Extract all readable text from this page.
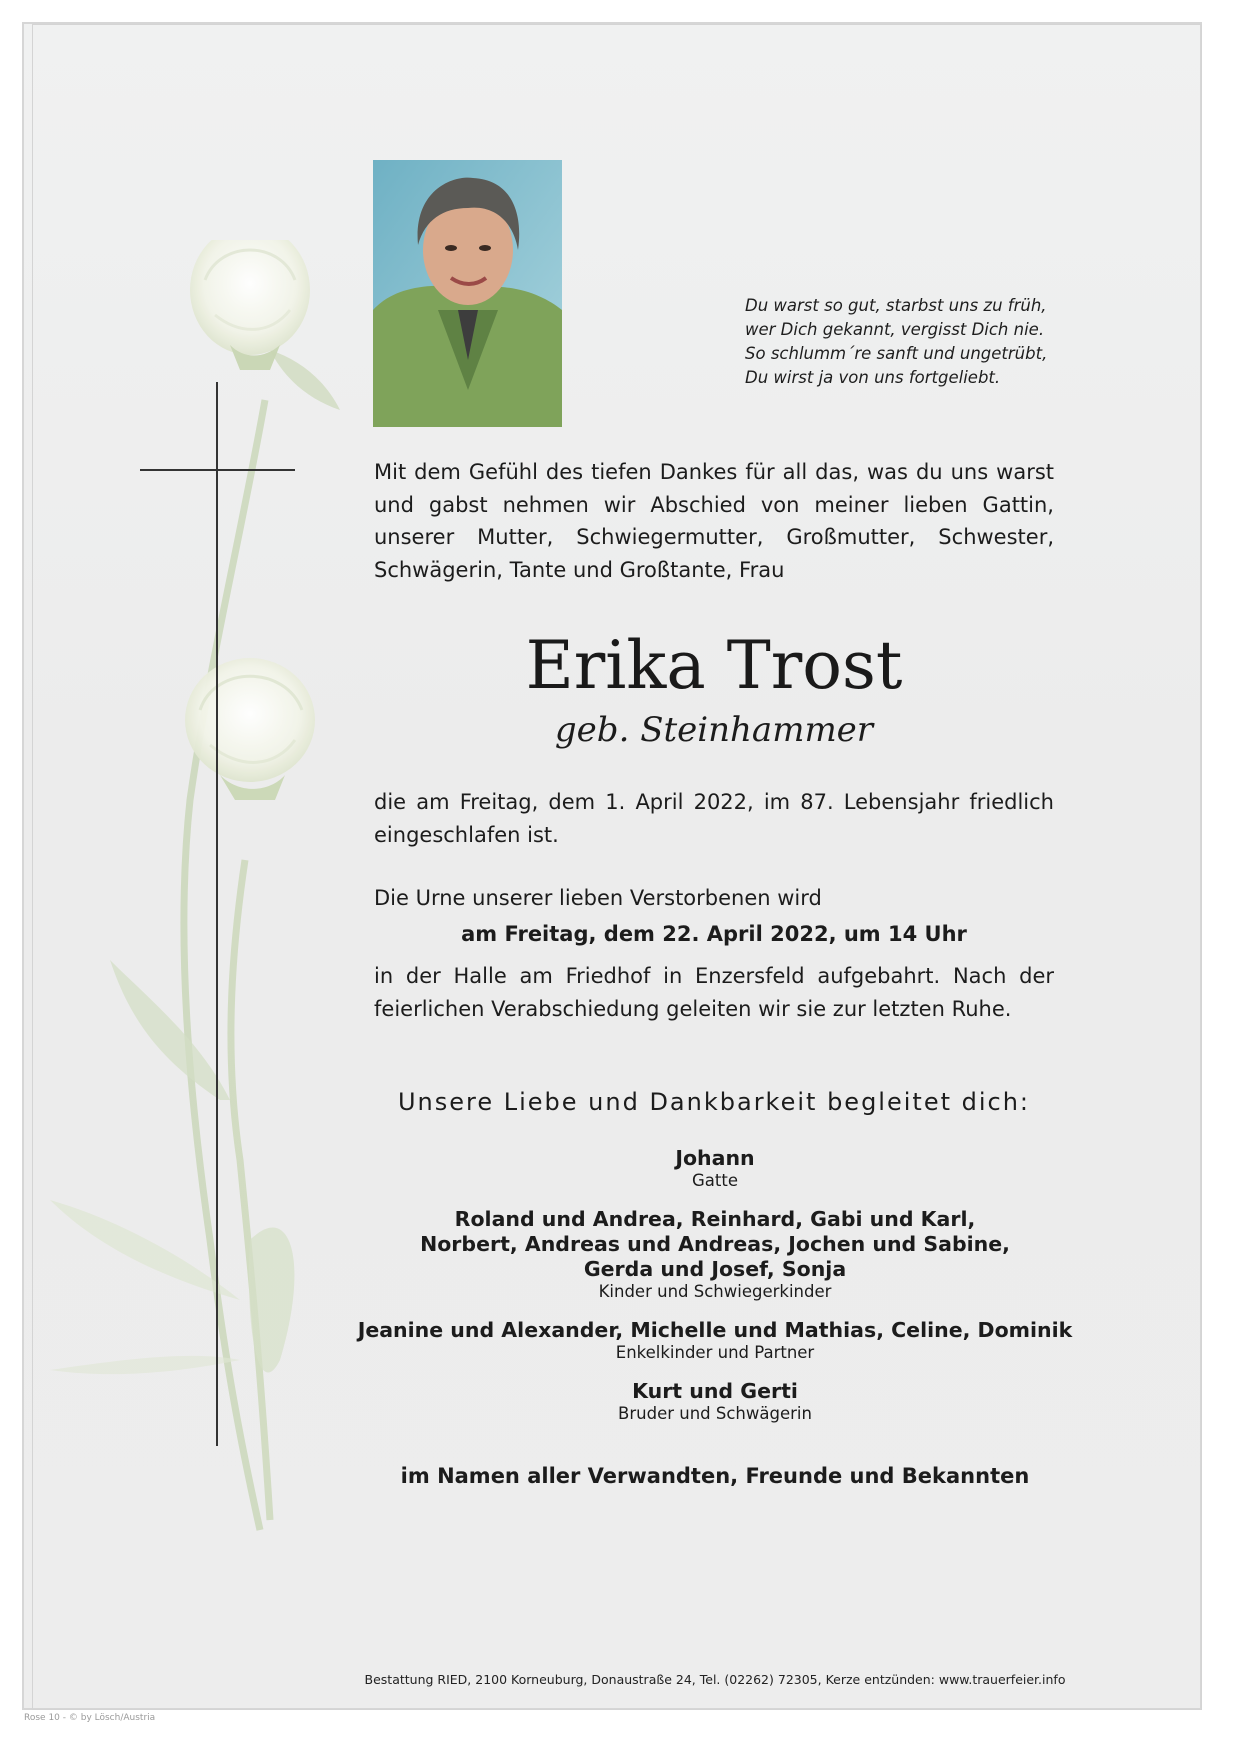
Du warst so gut, starbst uns zu früh,
wer Dich gekannt, vergisst Dich nie.
So schlumm´re sanft und ungetrübt,
Du wirst ja von uns fortgeliebt.
Mit dem Gefühl des tiefen Dankes für all das, was du uns warst und gabst nehmen wir Abschied von meiner lieben Gattin, unserer Mutter, Schwiegermutter, Großmutter, Schwester, Schwägerin, Tante und Großtante, Frau
Erika Trost
geb. Steinhammer
die am Freitag, dem 1. April 2022, im 87. Lebensjahr friedlich eingeschlafen ist.
Die Urne unserer lieben Verstorbenen wird
am Freitag, dem 22. April 2022, um 14 Uhr
in der Halle am Friedhof in Enzersfeld aufgebahrt. Nach der feierlichen Verabschiedung geleiten wir sie zur letzten Ruhe.
Unsere Liebe und Dankbarkeit begleitet dich:
Johann
Gatte
Roland und Andrea, Reinhard, Gabi und Karl,
Norbert, Andreas und Andreas, Jochen und Sabine,
Gerda und Josef, Sonja
Kinder und Schwiegerkinder
Jeanine und Alexander, Michelle und Mathias, Celine, Dominik
Enkelkinder und Partner
Kurt und Gerti
Bruder und Schwägerin
im Namen aller Verwandten, Freunde und Bekannten
Bestattung RIED, 2100 Korneuburg, Donaustraße 24, Tel. (02262) 72305, Kerze entzünden: www.trauerfeier.info
Rose 10 - © by Lösch/Austria
